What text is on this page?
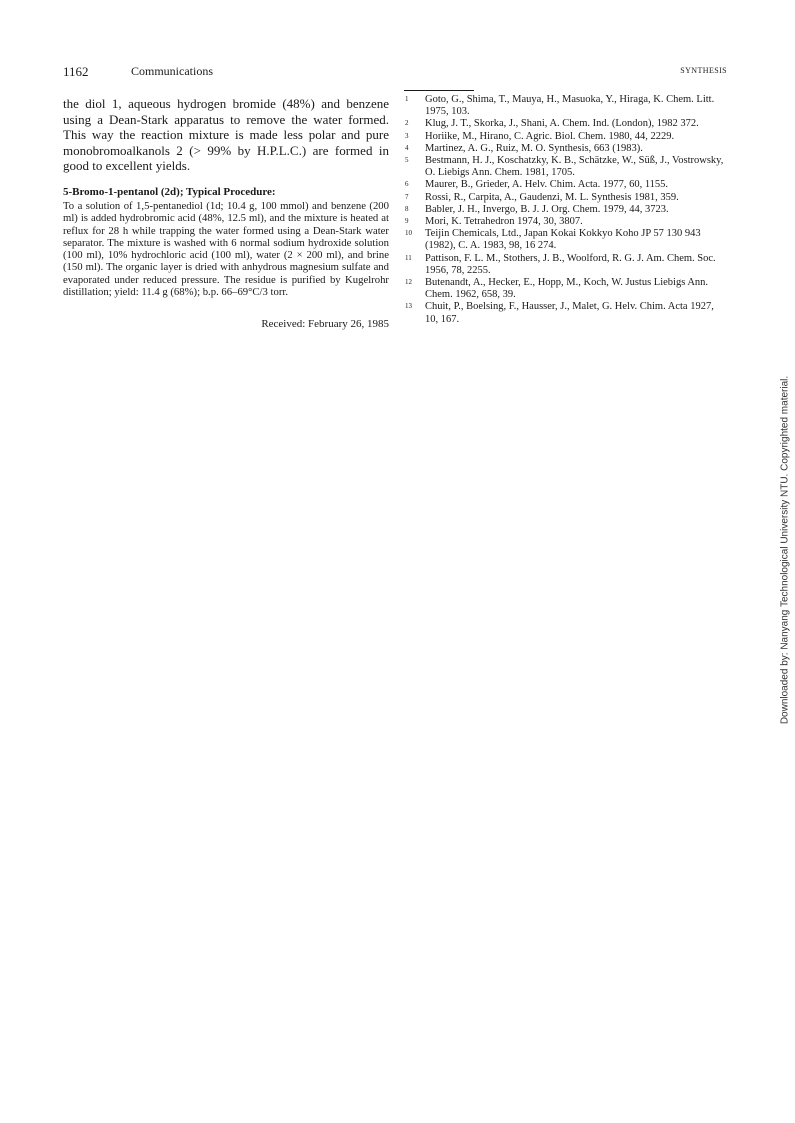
1162	Communications	SYNTHESIS

the diol 1, aqueous hydrogen bromide (48%) and benzene using a Dean-Stark apparatus to remove the water formed. This way the reaction mixture is made less polar and pure monobromoalkanols 2 (> 99% by H.P.L.C.) are formed in good to excellent yields.

5-Bromo-1-pentanol (2d); Typical Procedure:

To a solution of 1,5-pentanediol (1d; 10.4 g, 100 mmol) and benzene (200 ml) is added hydrobromic acid (48%, 12.5 ml), and the mixture is heated at reflux for 28 h while trapping the water formed using a Dean-Stark water separator. The mixture is washed with 6 normal sodium hydroxide solution (100 ml), 10% hydrochloric acid (100 ml), water (2 × 200 ml), and brine (150 ml). The organic layer is dried with anhydrous magnesium sulfate and evaporated under reduced pressure. The residue is purified by Kugelrohr distillation; yield: 11.4 g (68%); b.p. 66–69°C/3 torr.

Received: February 26, 1985

1 Goto, G., Shima, T., Mauya, H., Masuoka, Y., Hiraga, K. Chem. Litt. 1975, 103.
2 Klug, J. T., Skorka, J., Shani, A. Chem. Ind. (London), 1982 372.
3 Horiike, M., Hirano, C. Agric. Biol. Chem. 1980, 44, 2229.
4 Martinez, A. G., Ruiz, M. O. Synthesis, 663 (1983).
5 Bestmann, H. J., Koschatzky, K. B., Schätzke, W., Süß, J., Vostrowsky, O. Liebigs Ann. Chem. 1981, 1705.
6 Maurer, B., Grieder, A. Helv. Chim. Acta. 1977, 60, 1155.
7 Rossi, R., Carpita, A., Gaudenzi, M. L. Synthesis 1981, 359.
8 Babler, J. H., Invergo, B. J. J. Org. Chem. 1979, 44, 3723.
9 Mori, K. Tetrahedron 1974, 30, 3807.
10 Teijin Chemicals, Ltd., Japan Kokai Kokkyo Koho JP 57 130 943 (1982), C. A. 1983, 98, 16 274.
11 Pattison, F. L. M., Stothers, J. B., Woolford, R. G. J. Am. Chem. Soc. 1956, 78, 2255.
12 Butenandt, A., Hecker, E., Hopp, M., Koch, W. Justus Liebigs Ann. Chem. 1962, 658, 39.
13 Chuit, P., Boelsing, F., Hausser, J., Malet, G. Helv. Chim. Acta 1927, 10, 167.
Downloaded by: Nanyang Technological University NTU. Copyrighted material.
